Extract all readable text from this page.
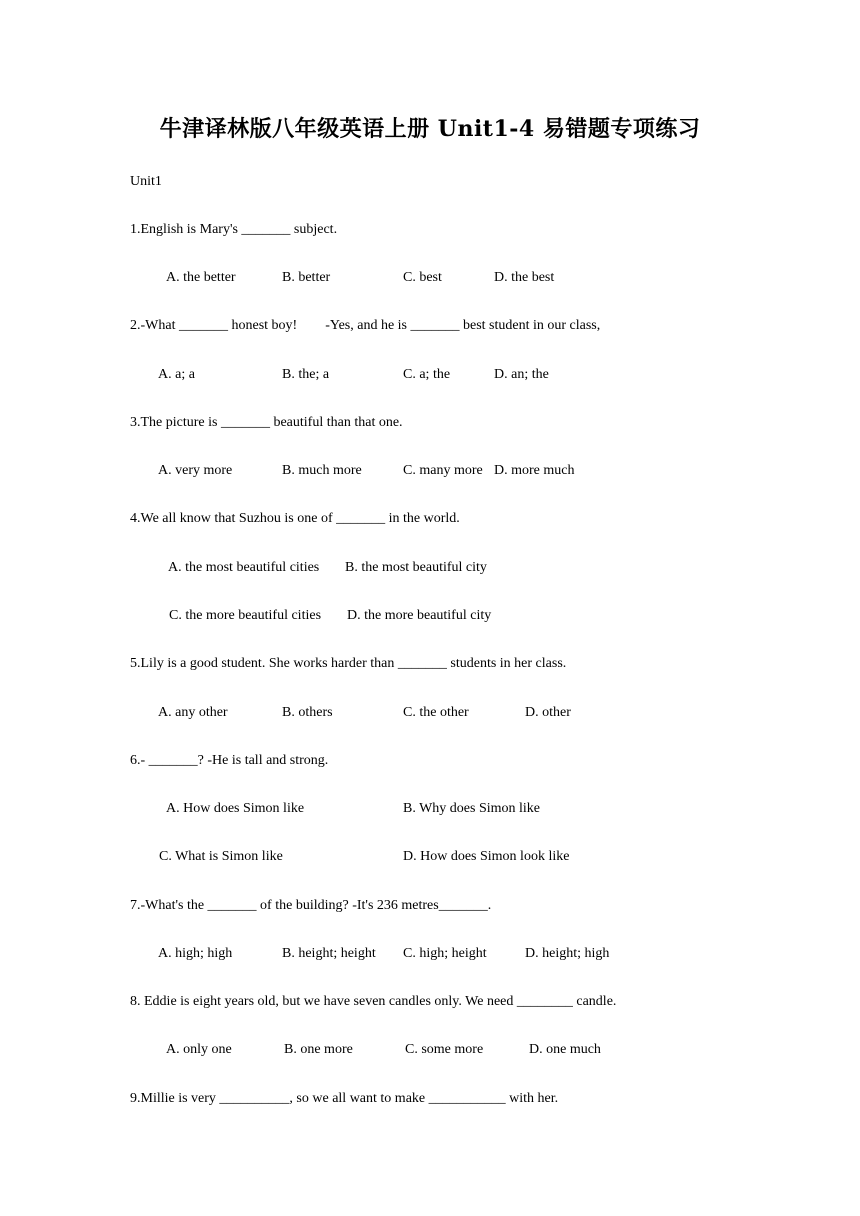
牛津译林版八年级英语上册 Unit1-4 易错题专项练习
Unit1
1.English is Mary's _______ subject.
A. the better	B. better	C. best	D. the best
2.-What _______ honest boy!        -Yes, and he is _______ best student in our class,
A. a; a	B. the; a	C. a; the	D. an; the
3.The picture is _______ beautiful than that one.
A. very more	B. much more	C. many more D. more much
4.We all know that Suzhou is one of _______ in the world.
A. the most beautiful cities B. the most beautiful city
C. the more beautiful cities D. the more beautiful city
5.Lily is a good student. She works harder than _______ students in her class.
A. any other	B. others	C. the other	D. other
6.- _______? -He is tall and strong.
A. How does Simon like	B. Why does Simon like
C. What is Simon like	D. How does Simon look like
7.-What's the _______ of the building? -It's 236 metres_______.
A. high; high	B. height; height C. high; height	D. height; high
8. Eddie is eight years old, but we have seven candles only. We need ________ candle.
A. only one	B. one more	C. some more	D. one much
9.Millie is very __________, so we all want to make ___________ with her.
